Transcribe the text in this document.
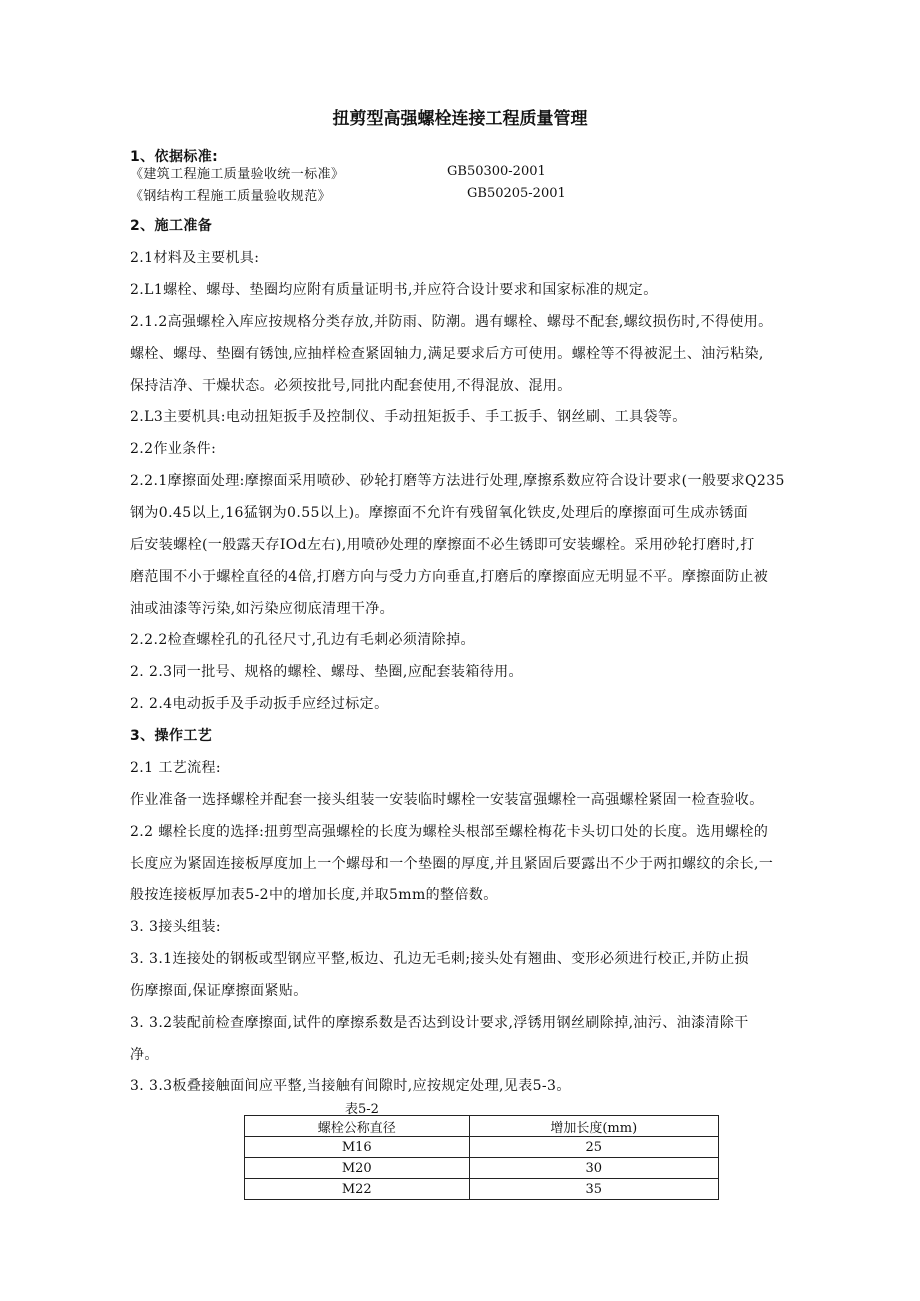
扭剪型高强螺栓连接工程质量管理
1、依据标准:
《建筑工程施工质量验收统一标准》	GB50300-2001
《钢结构工程施工质量验收规范》	GB50205-2001
2、施工准备
2.1材料及主要机具:
2.L1螺栓、螺母、垫圈均应附有质量证明书,并应符合设计要求和国家标准的规定。
2.1.2高强螺栓入库应按规格分类存放,并防雨、防潮。遇有螺栓、螺母不配套,螺纹损伤时,不得使用。
螺栓、螺母、垫圈有锈蚀,应抽样检查紧固轴力,满足要求后方可使用。螺栓等不得被泥土、油污粘染,
保持洁净、干燥状态。必须按批号,同批内配套使用,不得混放、混用。
2.L3主要机具:电动扭矩扳手及控制仪、手动扭矩扳手、手工扳手、钢丝刷、工具袋等。
2.2作业条件:
2.2.1摩擦面处理:摩擦面采用喷砂、砂轮打磨等方法进行处理,摩擦系数应符合设计要求(一般要求Q235
钢为0.45以上,16猛钢为0.55以上)。摩擦面不允许有残留氧化铁皮,处理后的摩擦面可生成赤锈面
后安装螺栓(一般露天存IOd左右),用喷砂处理的摩擦面不必生锈即可安装螺栓。采用砂轮打磨时,打
磨范围不小于螺栓直径的4倍,打磨方向与受力方向垂直,打磨后的摩擦面应无明显不平。摩擦面防止被
油或油漆等污染,如污染应彻底清理干净。
2.2.2检查螺栓孔的孔径尺寸,孔边有毛刺必须清除掉。
2. 2.3同一批号、规格的螺栓、螺母、垫圈,应配套装箱待用。
2. 2.4电动扳手及手动扳手应经过标定。
3、操作工艺
2.1 工艺流程:
作业准备一选择螺栓并配套一接头组装一安装临时螺栓一安装富强螺栓一高强螺栓紧固一检查验收。
2.2 螺栓长度的选择:扭剪型高强螺栓的长度为螺栓头根部至螺栓梅花卡头切口处的长度。选用螺栓的
长度应为紧固连接板厚度加上一个螺母和一个垫圈的厚度,并且紧固后要露出不少于两扣螺纹的余长,一
般按连接板厚加表5-2中的增加长度,并取5mm的整倍数。
3. 3接头组装:
3. 3.1连接处的钢板或型钢应平整,板边、孔边无毛刺;接头处有翘曲、变形必须进行校正,并防止损
伤摩擦面,保证摩擦面紧贴。
3. 3.2装配前检查摩擦面,试件的摩擦系数是否达到设计要求,浮锈用钢丝刷除掉,油污、油漆清除干
净。
3. 3.3板叠接触面间应平整,当接触有间隙时,应按规定处理,见表5-3。
表5-2
螺栓公称直径	增加长度(mm)
M16	25
M20	30
M22	35
